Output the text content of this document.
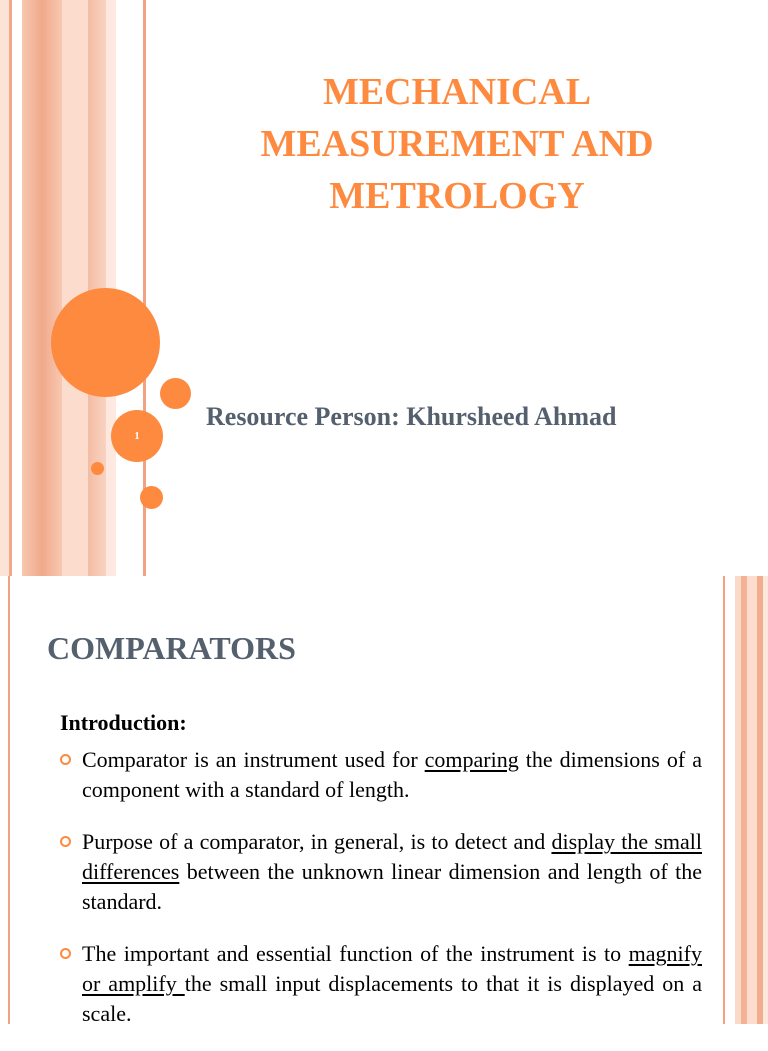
1
MECHANICAL
MEASUREMENT AND
METROLOGY

Resource Person: Khursheed Ahmad

COMPARATORS

Introduction:

Comparator is an instrument used for comparing the dimensions of a component with a standard of length.
Purpose of a comparator, in general, is to detect and display the small differences between the unknown linear dimension and length of the standard.
The important and essential function of the instrument is to magnify or amplify the small input displacements to that it is displayed on a scale.
